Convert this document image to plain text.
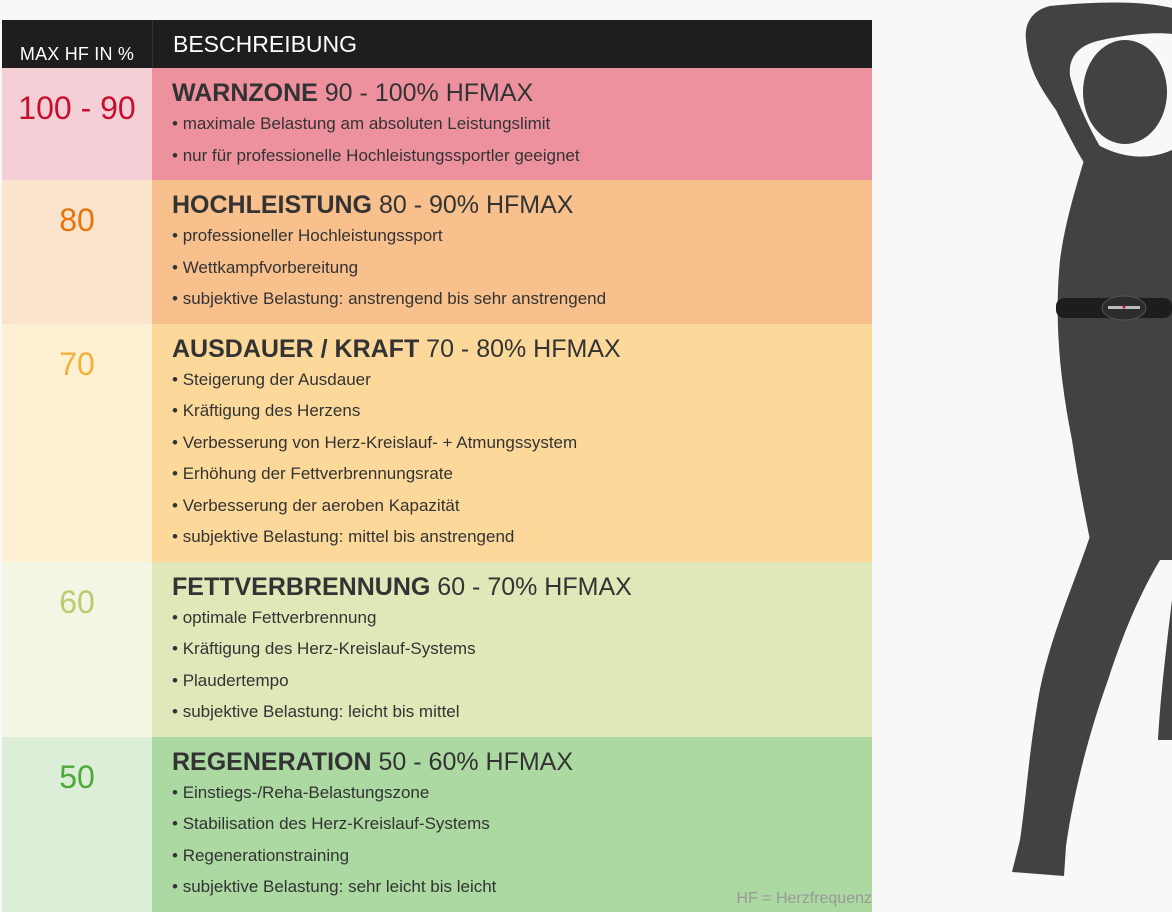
MAX HF IN %	BESCHREIBUNG
100 - 90	WARNZONE 90 - 100% HFMAX
• maximale Belastung am absoluten Leistungslimit
• nur für professionelle Hochleistungssportler geeignet
80	HOCHLEISTUNG 80 - 90% HFMAX
• professioneller Hochleistungssport
• Wettkampfvorbereitung
• subjektive Belastung: anstrengend bis sehr anstrengend
70	AUSDAUER / KRAFT 70 - 80% HFMAX
• Steigerung der Ausdauer
• Kräftigung des Herzens
• Verbesserung von Herz-Kreislauf- + Atmungssystem
• Erhöhung der Fettverbrennungsrate
• Verbesserung der aeroben Kapazität
• subjektive Belastung: mittel bis anstrengend
60	FETTVERBRENNUNG 60 - 70% HFMAX
• optimale Fettverbrennung
• Kräftigung des Herz-Kreislauf-Systems
• Plaudertempo
• subjektive Belastung: leicht bis mittel
50	REGENERATION 50 - 60% HFMAX
• Einstiegs-/Reha-Belastungszone
• Stabilisation des Herz-Kreislauf-Systems
• Regenerationstraining
• subjektive Belastung: sehr leicht bis leicht
HF = Herzfrequenz
